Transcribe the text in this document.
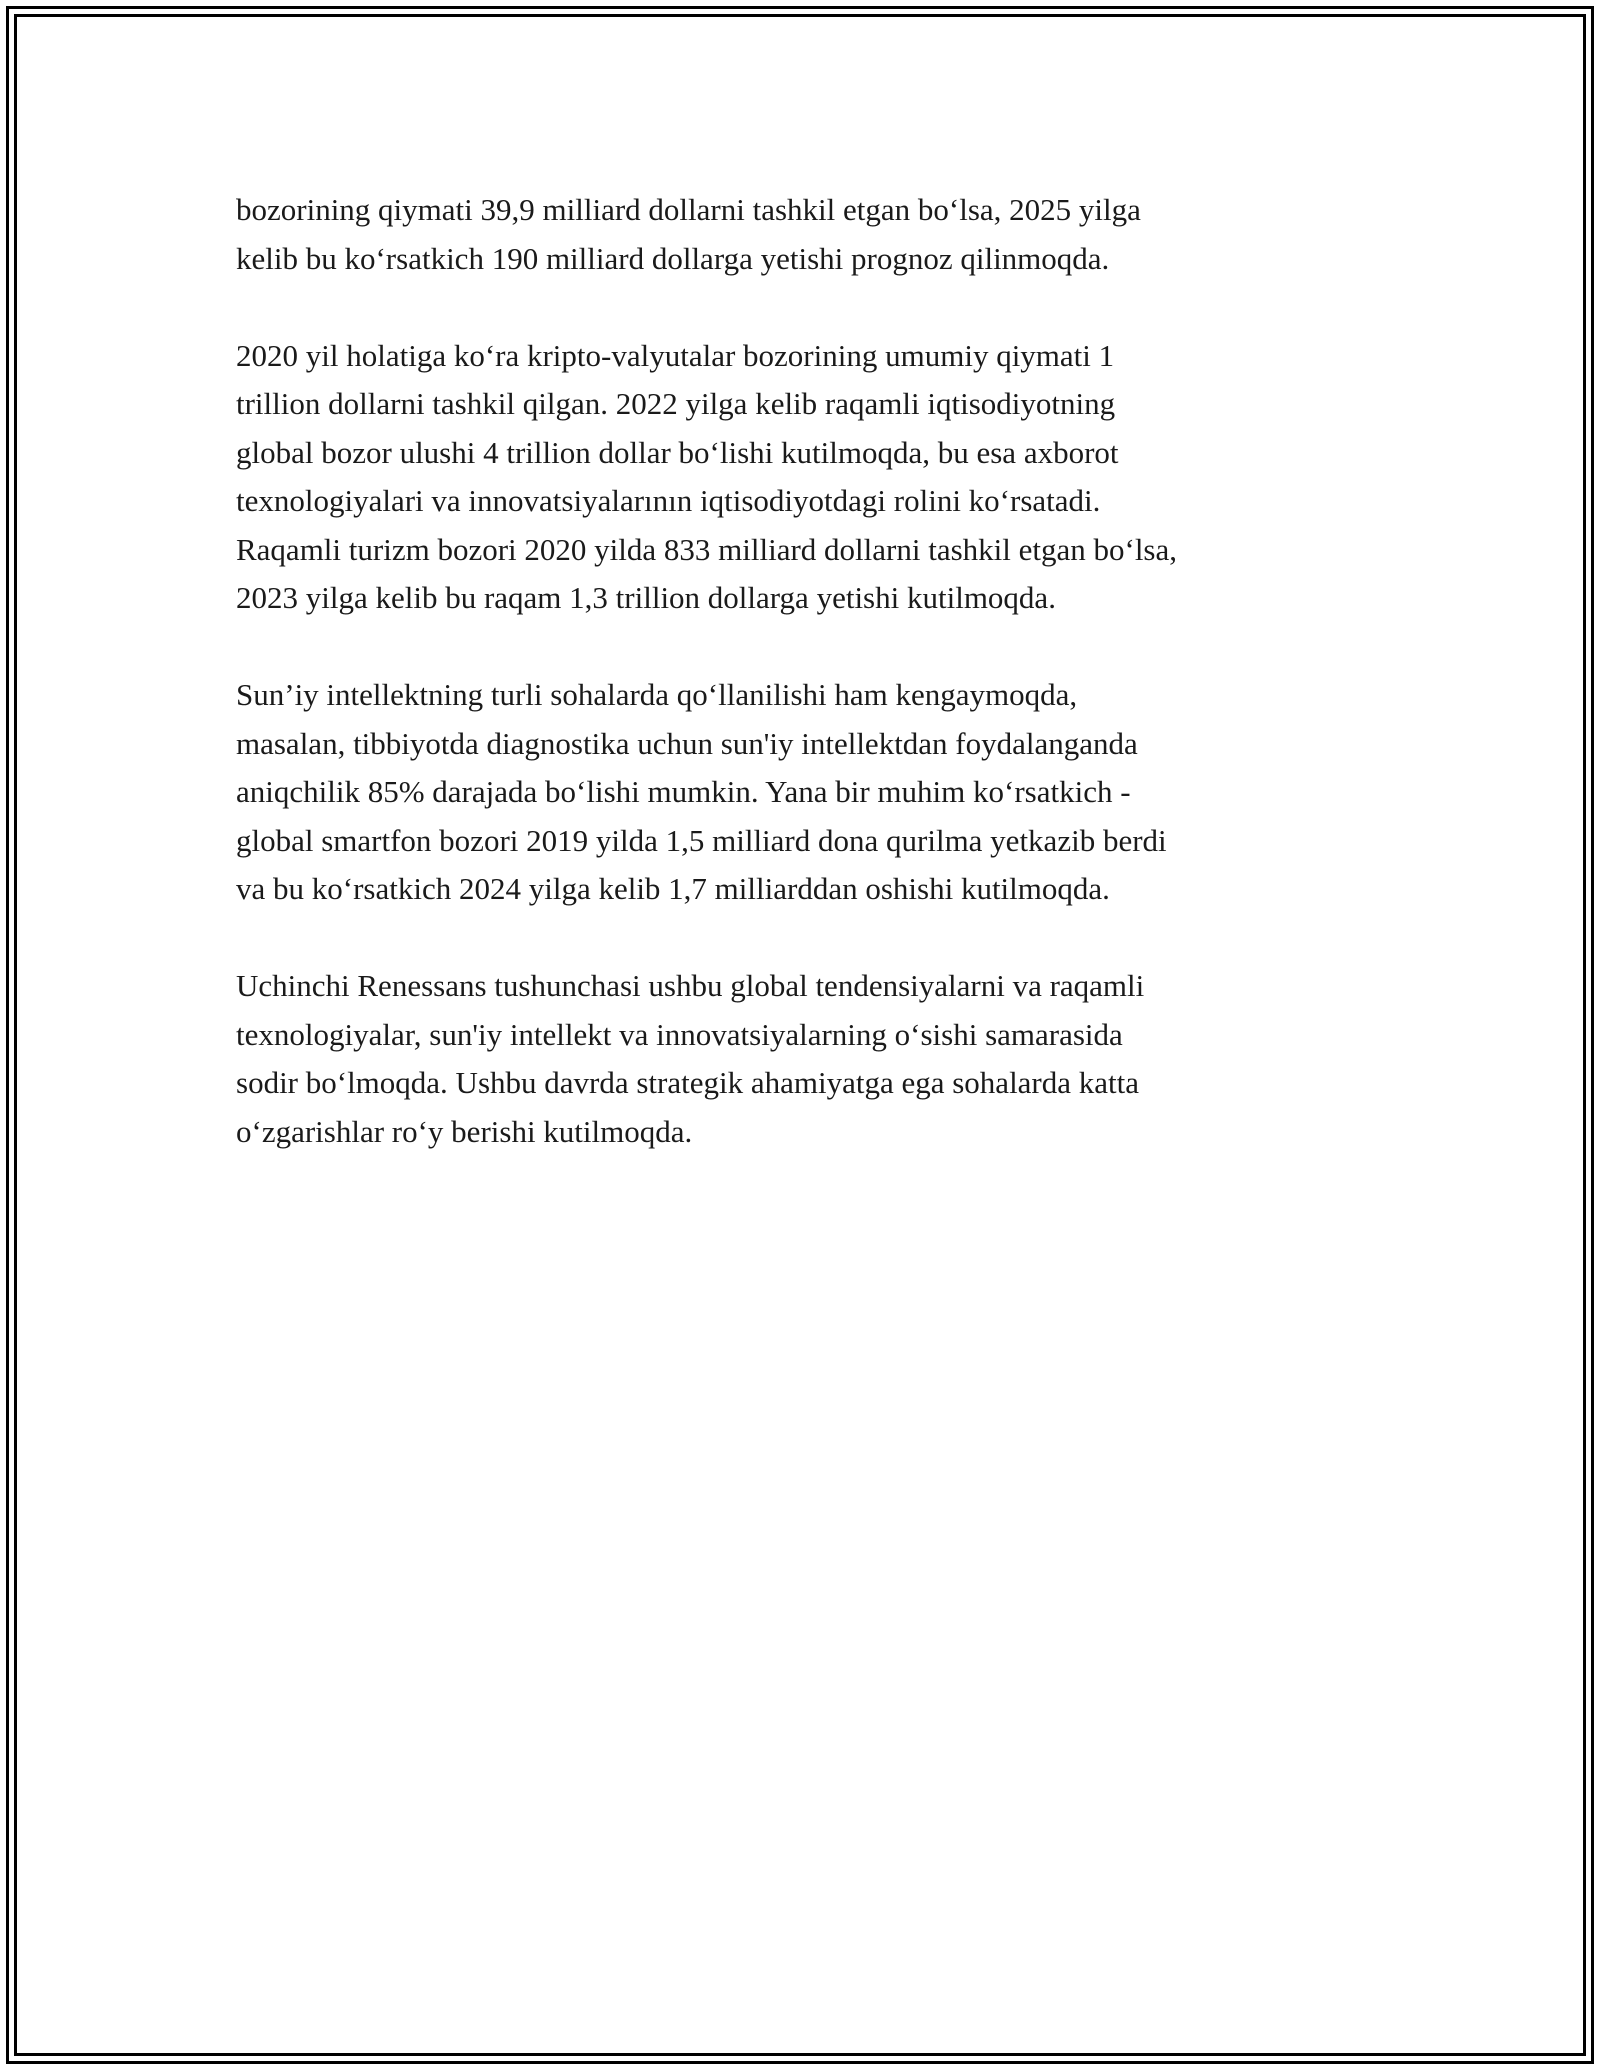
bozorining qiymati 39,9 milliard dollarni tashkil etgan boʻlsa, 2025 yilga
kelib bu koʻrsatkich 190 milliard dollarga yetishi prognoz qilinmoqda.

2020 yil holatiga koʻra kripto-valyutalar bozorining umumiy qiymati 1
trillion dollarni tashkil qilgan. 2022 yilga kelib raqamli iqtisodiyotning
global bozor ulushi 4 trillion dollar boʻlishi kutilmoqda, bu esa axborot
texnologiyalari va innovatsiyalarının iqtisodiyotdagi rolini koʻrsatadi.
Raqamli turizm bozori 2020 yilda 833 milliard dollarni tashkil etgan boʻlsa,
2023 yilga kelib bu raqam 1,3 trillion dollarga yetishi kutilmoqda.

Sun’iy intellektning turli sohalarda qoʻllanilishi ham kengaymoqda,
masalan, tibbiyotda diagnostika uchun sun'iy intellektdan foydalanganda
aniqchilik 85% darajada boʻlishi mumkin. Yana bir muhim koʻrsatkich -
global smartfon bozori 2019 yilda 1,5 milliard dona qurilma yetkazib berdi
va bu koʻrsatkich 2024 yilga kelib 1,7 milliarddan oshishi kutilmoqda.

Uchinchi Renessans tushunchasi ushbu global tendensiyalarni va raqamli
texnologiyalar, sun'iy intellekt va innovatsiyalarning oʻsishi samarasida
sodir boʻlmoqda. Ushbu davrda strategik ahamiyatga ega sohalarda katta
oʻzgarishlar roʻy berishi kutilmoqda.
